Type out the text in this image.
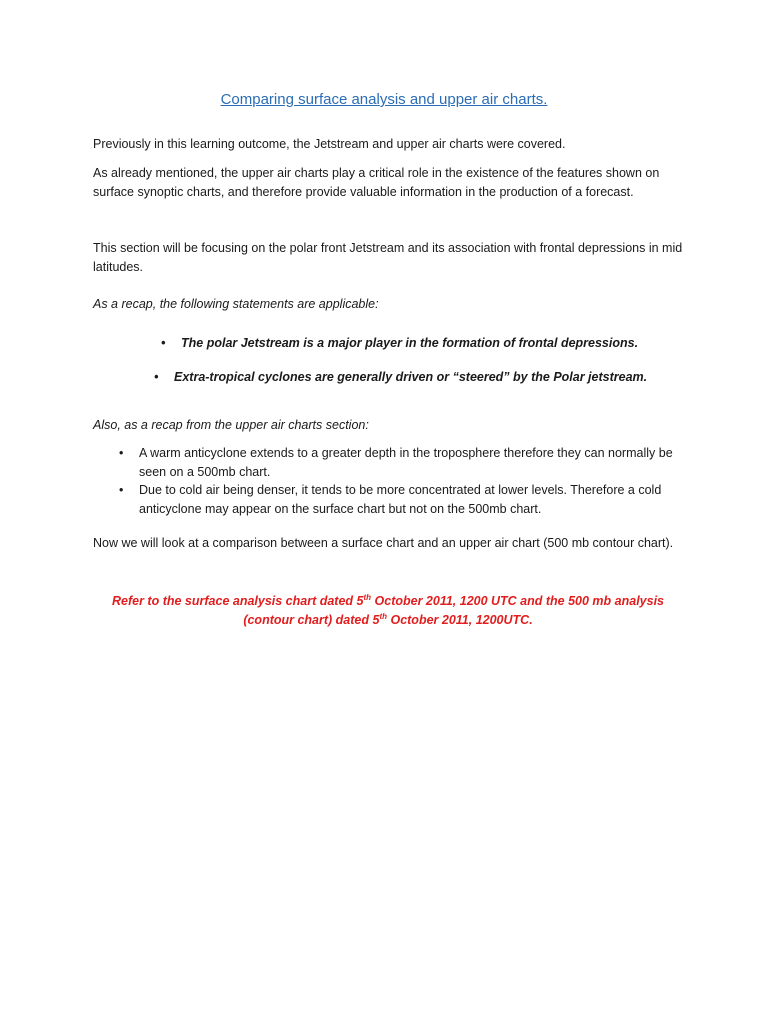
Comparing surface analysis and upper air charts.

Previously in this learning outcome, the Jetstream and upper air charts were covered.

As already mentioned, the upper air charts play a critical role in the existence of the features shown on surface synoptic charts, and therefore provide valuable information in the production of a forecast.

This section will be focusing on the polar front Jetstream and its association with frontal depressions in mid latitudes.

As a recap, the following statements are applicable:

• The polar Jetstream is a major player in the formation of frontal depressions.
• Extra-tropical cyclones are generally driven or “steered” by the Polar jetstream.

Also, as a recap from the upper air charts section:

• A warm anticyclone extends to a greater depth in the troposphere therefore they can normally be seen on a 500mb chart.
• Due to cold air being denser, it tends to be more concentrated at lower levels. Therefore a cold anticyclone may appear on the surface chart but not on the 500mb chart.

Now we will look at a comparison between a surface chart and an upper air chart (500 mb contour chart).

Refer to the surface analysis chart dated 5th October 2011, 1200 UTC and the 500 mb analysis (contour chart) dated 5th October 2011, 1200UTC.
